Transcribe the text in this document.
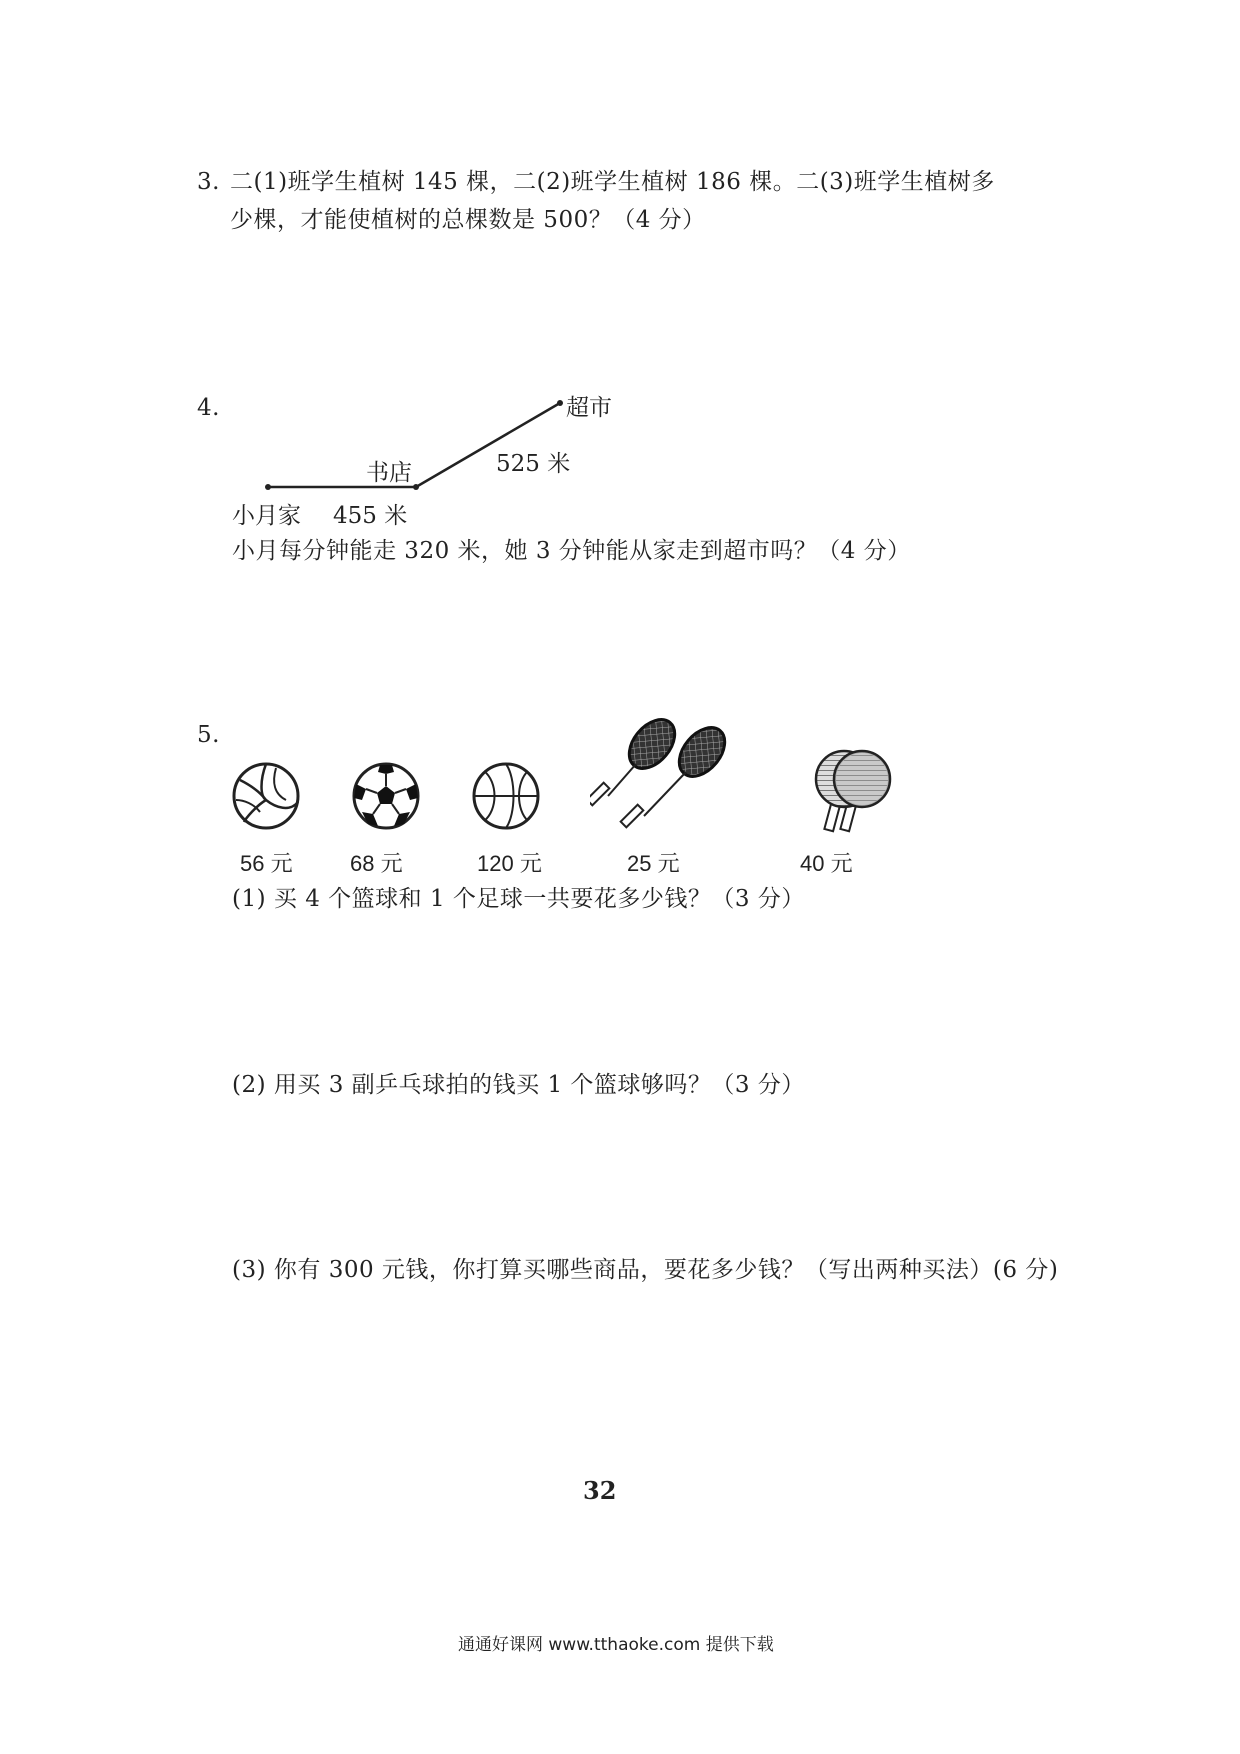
3. 二(1)班学生植树 145 棵，二(2)班学生植树 186 棵。二(3)班学生植树多
少棵，才能使植树的总棵数是 500？（4 分）
4.	超市
525 米
书店
小月家 455 米
小月每分钟能走 320 米，她 3 分钟能从家走到超市吗？（4 分）
5.
56 元	68 元	120 元	25 元	40 元
(1) 买 4 个篮球和 1 个足球一共要花多少钱？（3 分）
(2) 用买 3 副乒乓球拍的钱买 1 个篮球够吗？（3 分）
(3) 你有 300 元钱，你打算买哪些商品，要花多少钱？（写出两种买法）(6 分)
32
通通好课网 www.tthaoke.com 提供下载
